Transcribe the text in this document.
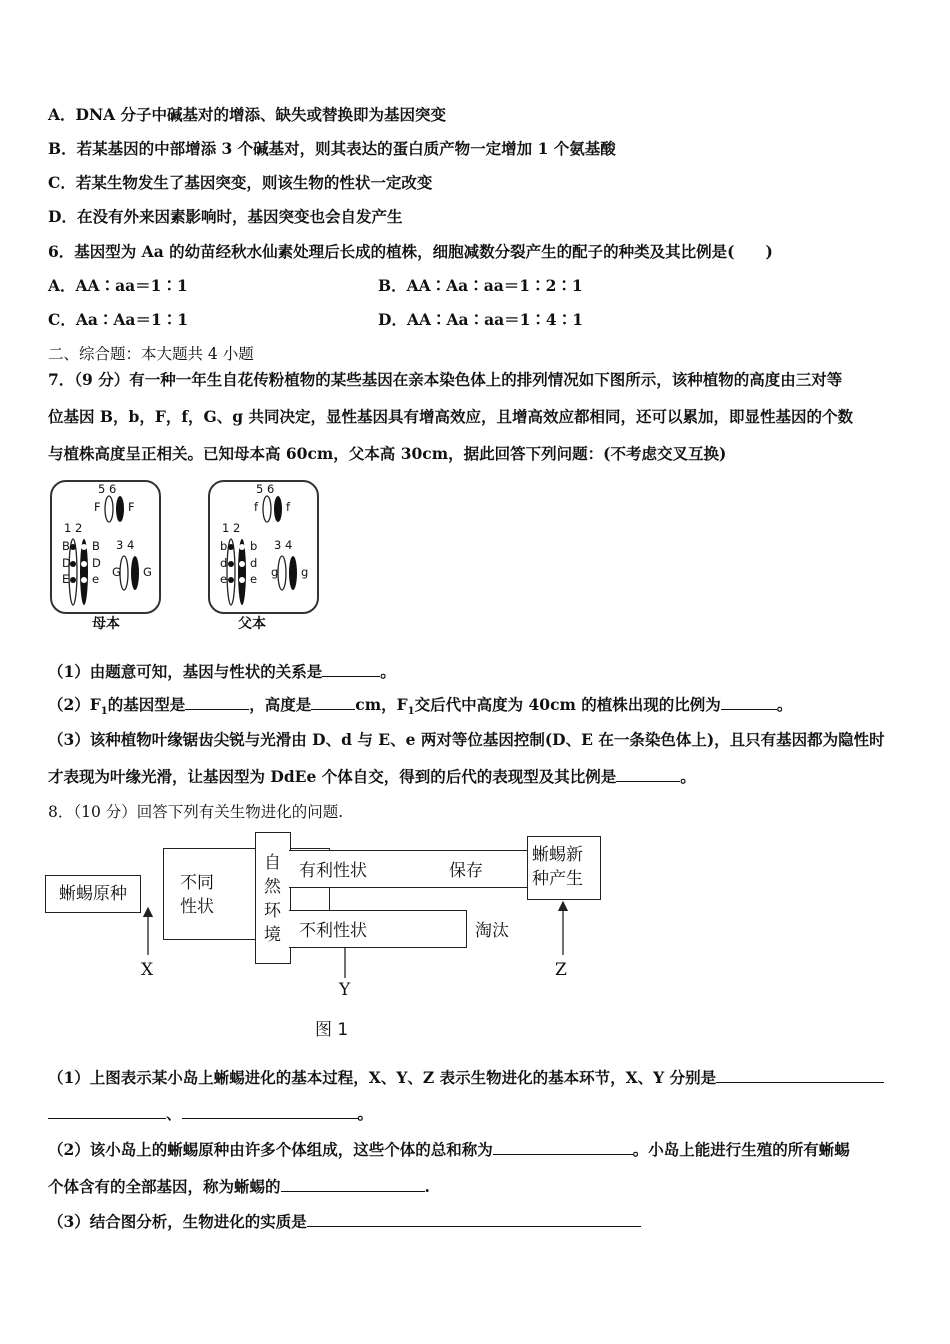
A．DNA 分子中碱基对的增添、缺失或替换即为基因突变
B．若某基因的中部增添 3 个碱基对，则其表达的蛋白质产物一定增加 1 个氨基酸
C．若某生物发生了基因突变，则该生物的性状一定改变
D．在没有外来因素影响时，基因突变也会自发产生
6．基因型为 Aa 的幼苗经秋水仙素处理后长成的植株，细胞减数分裂产生的配子的种类及其比例是(　　)
A．AA∶aa＝1∶1	B．AA∶Aa∶aa＝1∶2∶1
C．Aa∶Aa＝1∶1	D．AA∶Aa∶aa＝1∶4∶1
二、综合题：本大题共 4 小题
7．（9 分）有一种一年生自花传粉植物的某些基因在亲本染色体上的排列情况如下图所示，该种植物的高度由三对等
位基因 B，b，F，f，G、g 共同决定，显性基因具有增高效应，且增高效应都相同，还可以累加，即显性基因的个数
与植株高度呈正相关。已知母本高 60cm，父本高 30cm，据此回答下列问题：(不考虑交叉互换)
5 6
F F
1 2
B
D
E
B
D
e
3 4
G G
母本
5 6
f f
1 2
b
d
e
b
d
e
3 4
g g
父本
（1）由题意可知，基因与性状的关系是	。
$(2)F_1$的基因型是	，高度是	cm，$F_1$交后代中高度为 40cm 的植株出现的比例为	。
（3）该种植物叶缘锯齿尖锐与光滑由 D、d 与 E、e 两对等位基因控制(D、E 在一条染色体上)，且只有基因都为隐性时
才表现为叶缘光滑，让基因型为 DdEe 个体自交，得到的后代的表现型及其比例是	。
8．（10 分）回答下列有关生物进化的问题.
蜥蜴原种
不同
性状
自
然
环
境
有利性状	保存
不利性状	淘汰
蜥蜴新
种产生
X
Y
Z
图 1
（1）上图表示某小岛上蜥蜴进化的基本过程，X、Y、Z 表示生物进化的基本环节，X、Y 分别是
、	。
（2）该小岛上的蜥蜴原种由许多个体组成，这些个体的总和称为	。小岛上能进行生殖的所有蜥蜴
个体含有的全部基因，称为蜥蜴的	.
（3）结合图分析，生物进化的实质是
